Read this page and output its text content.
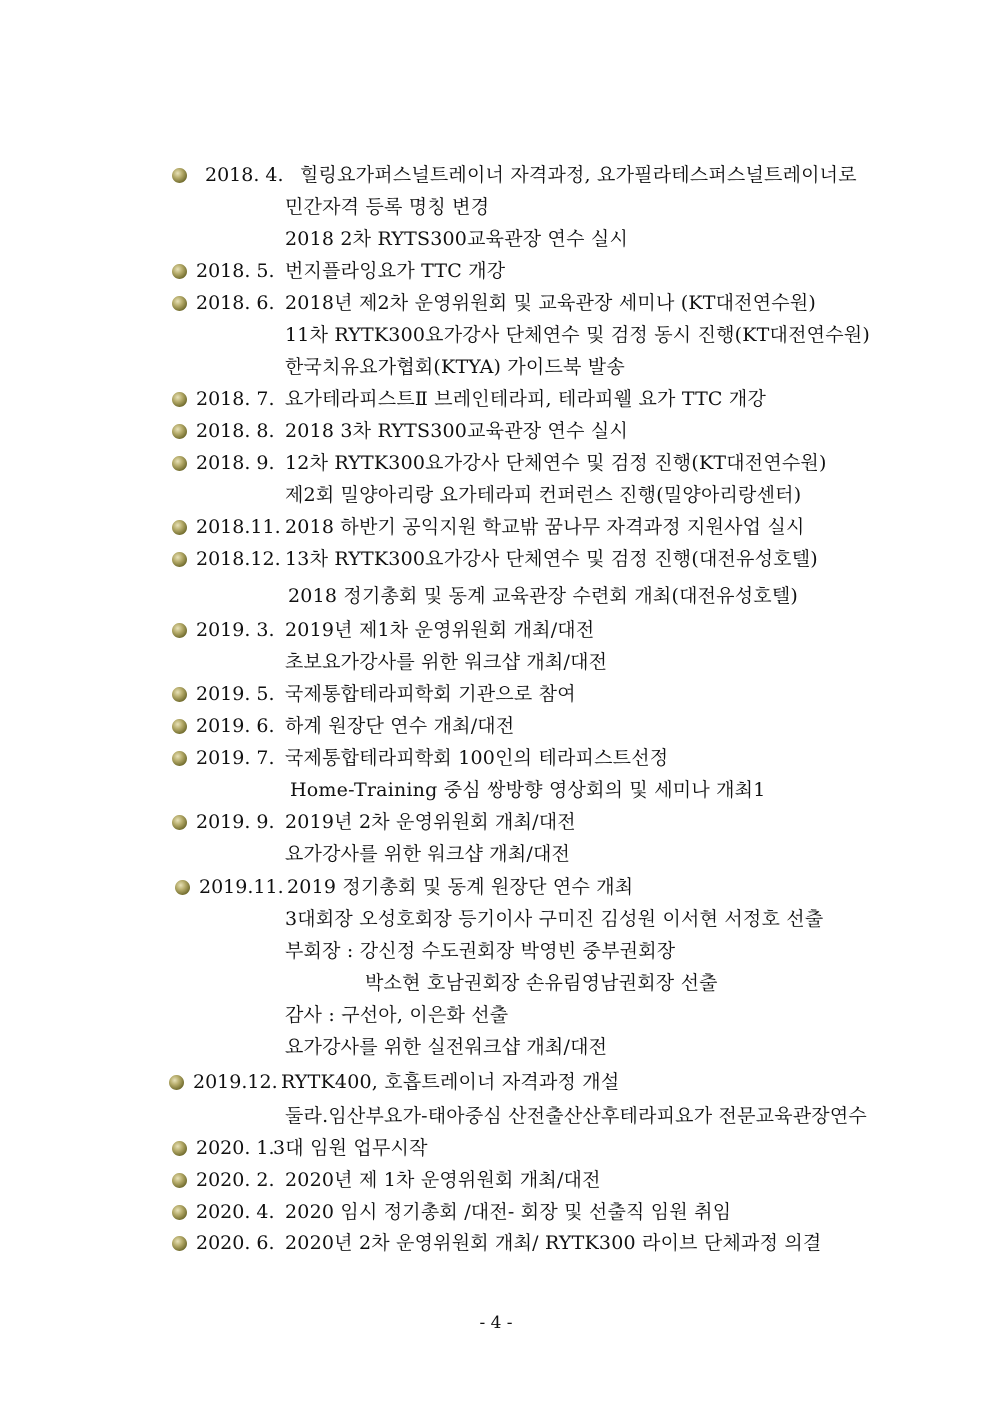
2018. 4. 힐링요가퍼스널트레이너 자격과정, 요가필라테스퍼스널트레이너로
민간자격 등록 명칭 변경
2018 2차 RYTS300교육관장 연수 실시
2018. 5. 번지플라잉요가 TTC 개강
2018. 6. 2018년 제2차 운영위원회 및 교육관장 세미나 (KT대전연수원)
11차 RYTK300요가강사 단체연수 및 검정 동시 진행(KT대전연수원)
한국치유요가협회(KTYA) 가이드북 발송
2018. 7. 요가테라피스트Ⅱ 브레인테라피, 테라피웰 요가 TTC 개강
2018. 8. 2018 3차 RYTS300교육관장 연수 실시
2018. 9. 12차 RYTK300요가강사 단체연수 및 검정 진행(KT대전연수원)
제2회 밀양아리랑 요가테라피 컨퍼런스 진행(밀양아리랑센터)
2018.11. 2018 하반기 공익지원 학교밖 꿈나무 자격과정 지원사업 실시
2018.12. 13차 RYTK300요가강사 단체연수 및 검정 진행(대전유성호텔)
2018 정기총회 및 동계 교육관장 수련회 개최(대전유성호텔)
2019. 3. 2019년 제1차 운영위원회 개최/대전
초보요가강사를 위한 워크샵 개최/대전
2019. 5. 국제통합테라피학회 기관으로 참여
2019. 6. 하계 원장단 연수 개최/대전
2019. 7. 국제통합테라피학회 100인의 테라피스트선정
Home-Training 중심 쌍방향 영상회의 및 세미나 개최1
2019. 9. 2019년 2차 운영위원회 개최/대전
요가강사를 위한 워크샵 개최/대전
2019.11. 2019 정기총회 및 동계 원장단 연수 개최
3대회장 오성호회장 등기이사 구미진 김성원 이서현 서정호 선출
부회장 : 강신정 수도권회장 박영빈 중부권회장
박소현 호남권회장 손유림영남권회장 선출
감사 : 구선아, 이은화 선출
요가강사를 위한 실전워크샵 개최/대전
2019.12. RYTK400, 호흡트레이너 자격과정 개설
둘라.임산부요가-태아중심 산전출산산후테라피요가 전문교육관장연수
2020. 1.
3대 임원 업무시작
2020. 2. 2020년 제 1차 운영위원회 개최/대전
2020. 4. 2020 임시 정기총회 /대전- 회장 및 선출직 임원 취임
2020. 6. 2020년 2차 운영위원회 개최/ RYTK300 라이브 단체과정 의결
- 4 -
